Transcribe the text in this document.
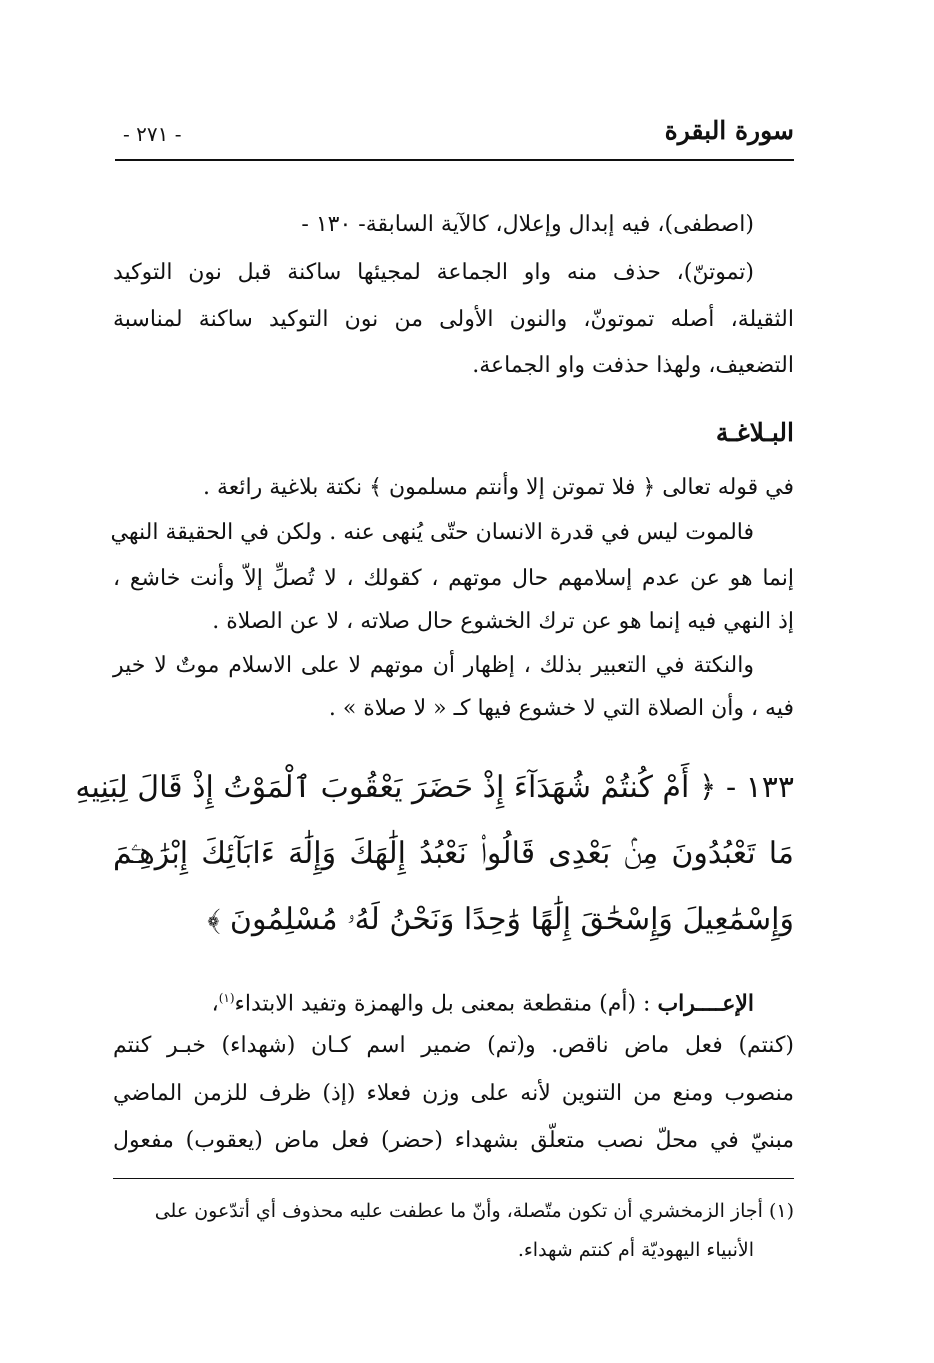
سورة البقرة
- ٢٧١ -
(اصطفى)، فيه إبدال وإعلال، كالآية السابقة- ١٣٠ -
(تموتنّ)، حذف منه واو الجماعة لمجيئها ساكنة قبل نون التوكيد
الثقيلة، أصله تموتونّ، والنون الأولى من نون التوكيد ساكنة لمناسبة
التضعيف، ولهذا حذفت واو الجماعة.
البـلاغـة
في قوله تعالى ﴿ فلا تموتن إلا وأنتم مسلمون ﴾ نكتة بلاغية رائعة .
فالموت ليس في قدرة الانسان حتّى يُنهى عنه . ولكن في الحقيقة النهي
إنما هو عن عدم إسلامهم حال موتهم ، كقولك ، لا تُصلِّ إلاّ وأنت خاشع ،
إذ النهي فيه إنما هو عن ترك الخشوع حال صلاته ، لا عن الصلاة .
والنكتة في التعبير بذلك ، إظهار أن موتهم لا على الاسلام موتٌ لا خير
فيه ، وأن الصلاة التي لا خشوع فيها كـ « لا صلاة » .
١٣٣ - ﴿ أَمْ كُنتُمْ شُهَدَآءَ إِذْ حَضَرَ يَعْقُوبَ ٱلْمَوْتُ إِذْ قَالَ لِبَنِيهِ
مَا تَعْبُدُونَ مِنۢ بَعْدِى قَالُوا۟ نَعْبُدُ إِلَٰهَكَ وَإِلَٰهَ ءَابَآئِكَ إِبْرَٰهِـۧمَ
وَإِسْمَٰعِيلَ وَإِسْحَٰقَ إِلَٰهًا وَٰحِدًا وَنَحْنُ لَهُۥ مُسْلِمُونَ ﴾
الإعــــراب : (أم) منقطعة بمعنى بل والهمزة وتفيد الابتداء$^{(١)}$،
(كنتم) فعل ماض ناقص. و(تم) ضمير اسم كـان (شهداء) خبـر كنتم
منصوب ومنع من التنوين لأنه على وزن فعلاء (إذ) ظرف للزمن الماضي
مبنيّ في محلّ نصب متعلّق بشهداء (حضر) فعل ماض (يعقوب) مفعول
(١) أجاز الزمخشري أن تكون متّصلة، وأنّ ما عطفت عليه محذوف أي أتدّعون على
الأنبياء اليهوديّة أم كنتم شهداء.
